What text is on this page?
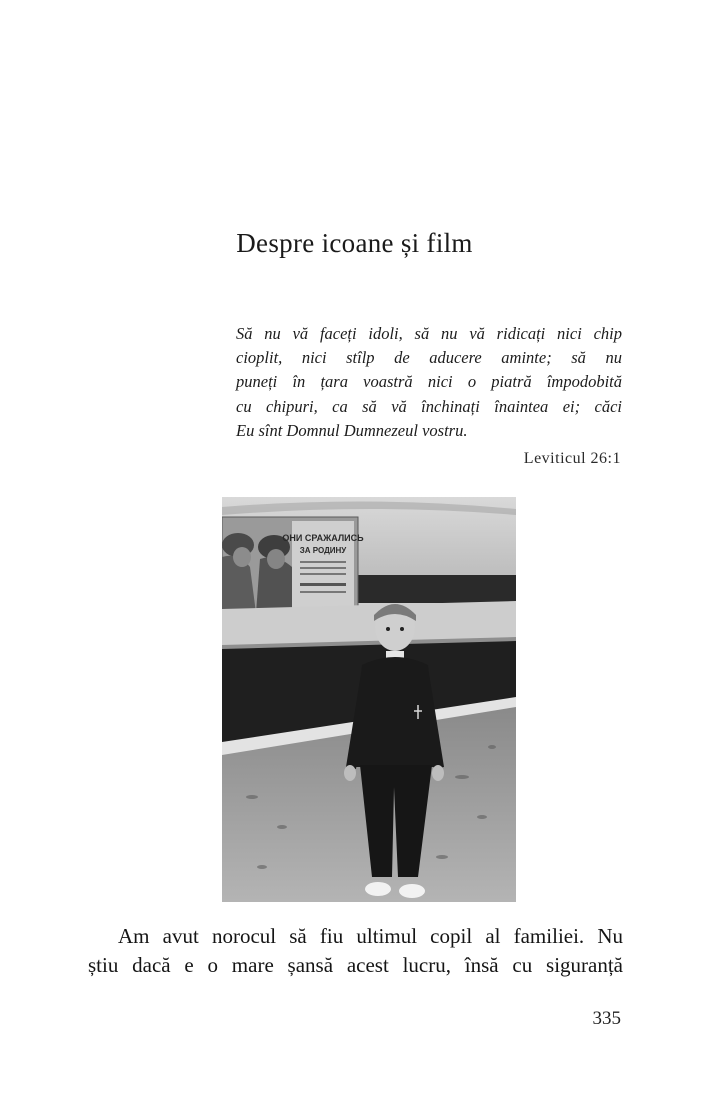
Despre icoane și film
Să nu vă faceți idoli, să nu vă ridicați nici chip
cioplit, nici stîlp de aducere aminte; să nu
puneți în țara voastră nici o piatră împodobită
cu chipuri, ca să vă închinați înaintea ei; căci
Eu sînt Domnul Dumnezeul vostru.
Leviticul 26:1
ОНИ СРАЖАЛИСЬ
ЗА РОДИНУ
Am avut norocul să fiu ultimul copil al familiei. Nu
știu dacă e o mare șansă acest lucru, însă cu siguranță
335
